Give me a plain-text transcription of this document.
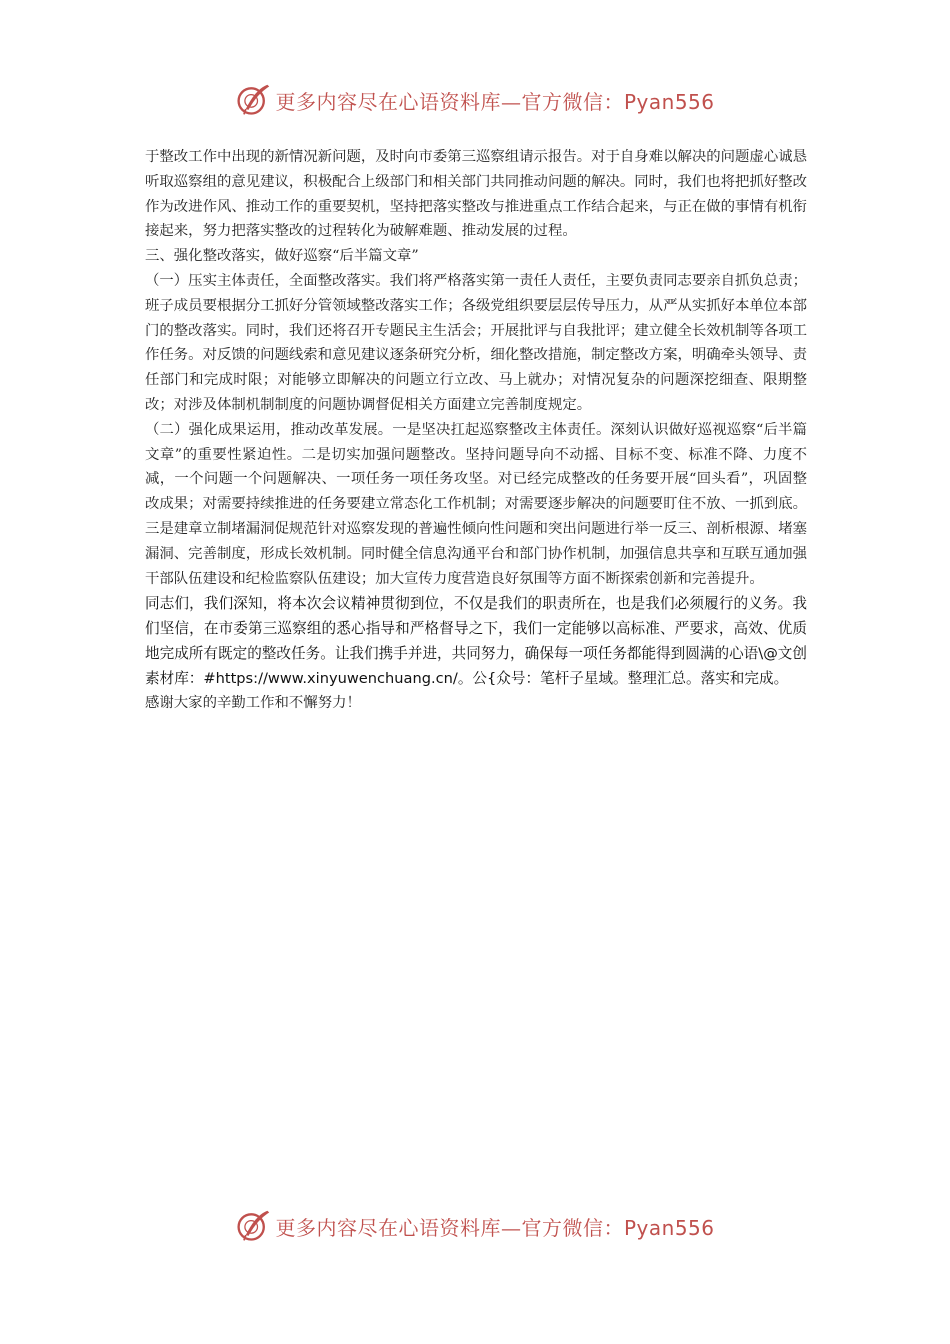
更多内容尽在心语资料库—官方微信：Pyan556

于整改工作中出现的新情况新问题，及时向市委第三巡察组请示报告。对于自身难以解决的问题虚心诚恳听取巡察组的意见建议，积极配合上级部门和相关部门共同推动问题的解决。同时，我们也将把抓好整改作为改进作风、推动工作的重要契机，坚持把落实整改与推进重点工作结合起来，与正在做的事情有机衔接起来，努力把落实整改的过程转化为破解难题、推动发展的过程。

三、强化整改落实，做好巡察“后半篇文章”

（一）压实主体责任，全面整改落实。我们将严格落实第一责任人责任，主要负责同志要亲自抓负总责；班子成员要根据分工抓好分管领域整改落实工作；各级党组织要层层传导压力，从严从实抓好本单位本部门的整改落实。同时，我们还将召开专题民主生活会；开展批评与自我批评；建立健全长效机制等各项工作任务。对反馈的问题线索和意见建议逐条研究分析，细化整改措施，制定整改方案，明确牵头领导、责任部门和完成时限；对能够立即解决的问题立行立改、马上就办；对情况复杂的问题深挖细查、限期整改；对涉及体制机制制度的问题协调督促相关方面建立完善制度规定。

（二）强化成果运用，推动改革发展。一是坚决扛起巡察整改主体责任。深刻认识做好巡视巡察“后半篇文章”的重要性紧迫性。二是切实加强问题整改。坚持问题导向不动摇、目标不变、标准不降、力度不减，一个问题一个问题解决、一项任务一项任务攻坚。对已经完成整改的任务要开展“回头看”，巩固整改成果；对需要持续推进的任务要建立常态化工作机制；对需要逐步解决的问题要盯住不放、一抓到底。三是建章立制堵漏洞促规范针对巡察发现的普遍性倾向性问题和突出问题进行举一反三、剖析根源、堵塞漏洞、完善制度，形成长效机制。同时健全信息沟通平台和部门协作机制，加强信息共享和互联互通加强干部队伍建设和纪检监察队伍建设；加大宣传力度营造良好氛围等方面不断探索创新和完善提升。

同志们，我们深知，将本次会议精神贯彻到位，不仅是我们的职责所在，也是我们必须履行的义务。我们坚信，在市委第三巡察组的悉心指导和严格督导之下，我们一定能够以高标准、严要求，高效、优质地完成所有既定的整改任务。让我们携手并进，共同努力，确保每一项任务都能得到圆满的心语\@文创素材库：#https://www.xinyuwenchuang.cn/。公{众号：笔杆子星域。整理汇总。落实和完成。

感谢大家的辛勤工作和不懈努力！

更多内容尽在心语资料库—官方微信：Pyan556
